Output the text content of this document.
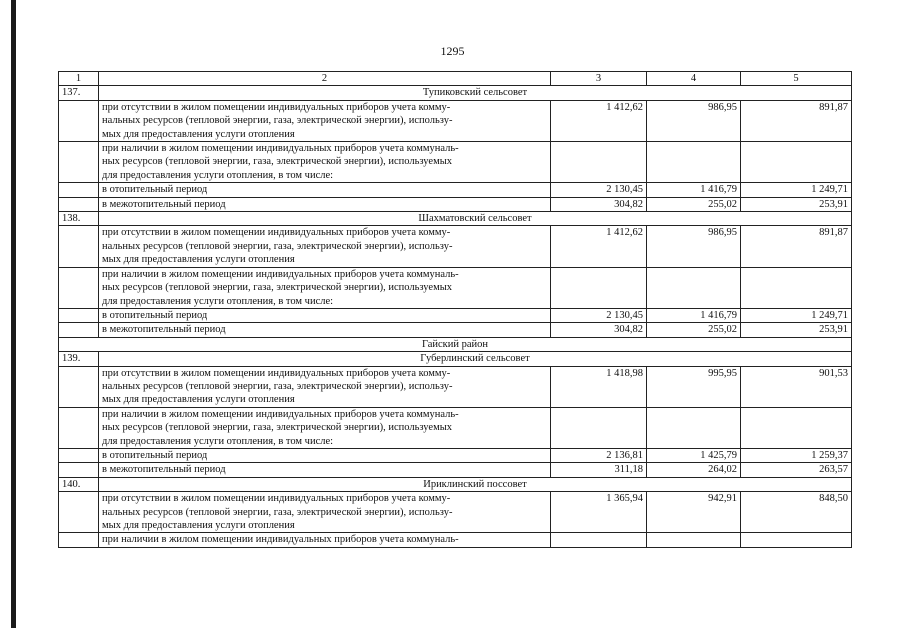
1295
1	2	3	4	5
137.	Тупиковский сельсовет			

	при отсутствии в жилом помещении индивидуальных приборов учета комму-
нальных ресурсов (тепловой энергии, газа, электрической энергии), использу-
мых для предоставления услуги отопления	1 412,62	986,95	891,87

	при наличии в жилом помещении индивидуальных приборов учета коммуналь-
ных ресурсов (тепловой энергии, газа, электрической энергии), используемых
для предоставления услуги отопления, в том числе:			

	в отопительный период	2 130,45	1 416,79	1 249,71

	в межотопительный период	304,82	255,02	253,91
138.	Шахматовский сельсовет			

	при отсутствии в жилом помещении индивидуальных приборов учета комму-
нальных ресурсов (тепловой энергии, газа, электрической энергии), использу-
мых для предоставления услуги отопления	1 412,62	986,95	891,87

	при наличии в жилом помещении индивидуальных приборов учета коммуналь-
ных ресурсов (тепловой энергии, газа, электрической энергии), используемых
для предоставления услуги отопления, в том числе:			

	в отопительный период	2 130,45	1 416,79	1 249,71

	в межотопительный период	304,82	255,02	253,91
Гайский район				
139.	Губерлинский сельсовет			

	при отсутствии в жилом помещении индивидуальных приборов учета комму-
нальных ресурсов (тепловой энергии, газа, электрической энергии), использу-
мых для предоставления услуги отопления	1 418,98	995,95	901,53

	при наличии в жилом помещении индивидуальных приборов учета коммуналь-
ных ресурсов (тепловой энергии, газа, электрической энергии), используемых
для предоставления услуги отопления, в том числе:			

	в отопительный период	2 136,81	1 425,79	1 259,37

	в межотопительный период	311,18	264,02	263,57
140.	Ириклинский поссовет			

	при отсутствии в жилом помещении индивидуальных приборов учета комму-
нальных ресурсов (тепловой энергии, газа, электрической энергии), использу-
мых для предоставления услуги отопления	1 365,94	942,91	848,50

	при наличии в жилом помещении индивидуальных приборов учета коммуналь-			
